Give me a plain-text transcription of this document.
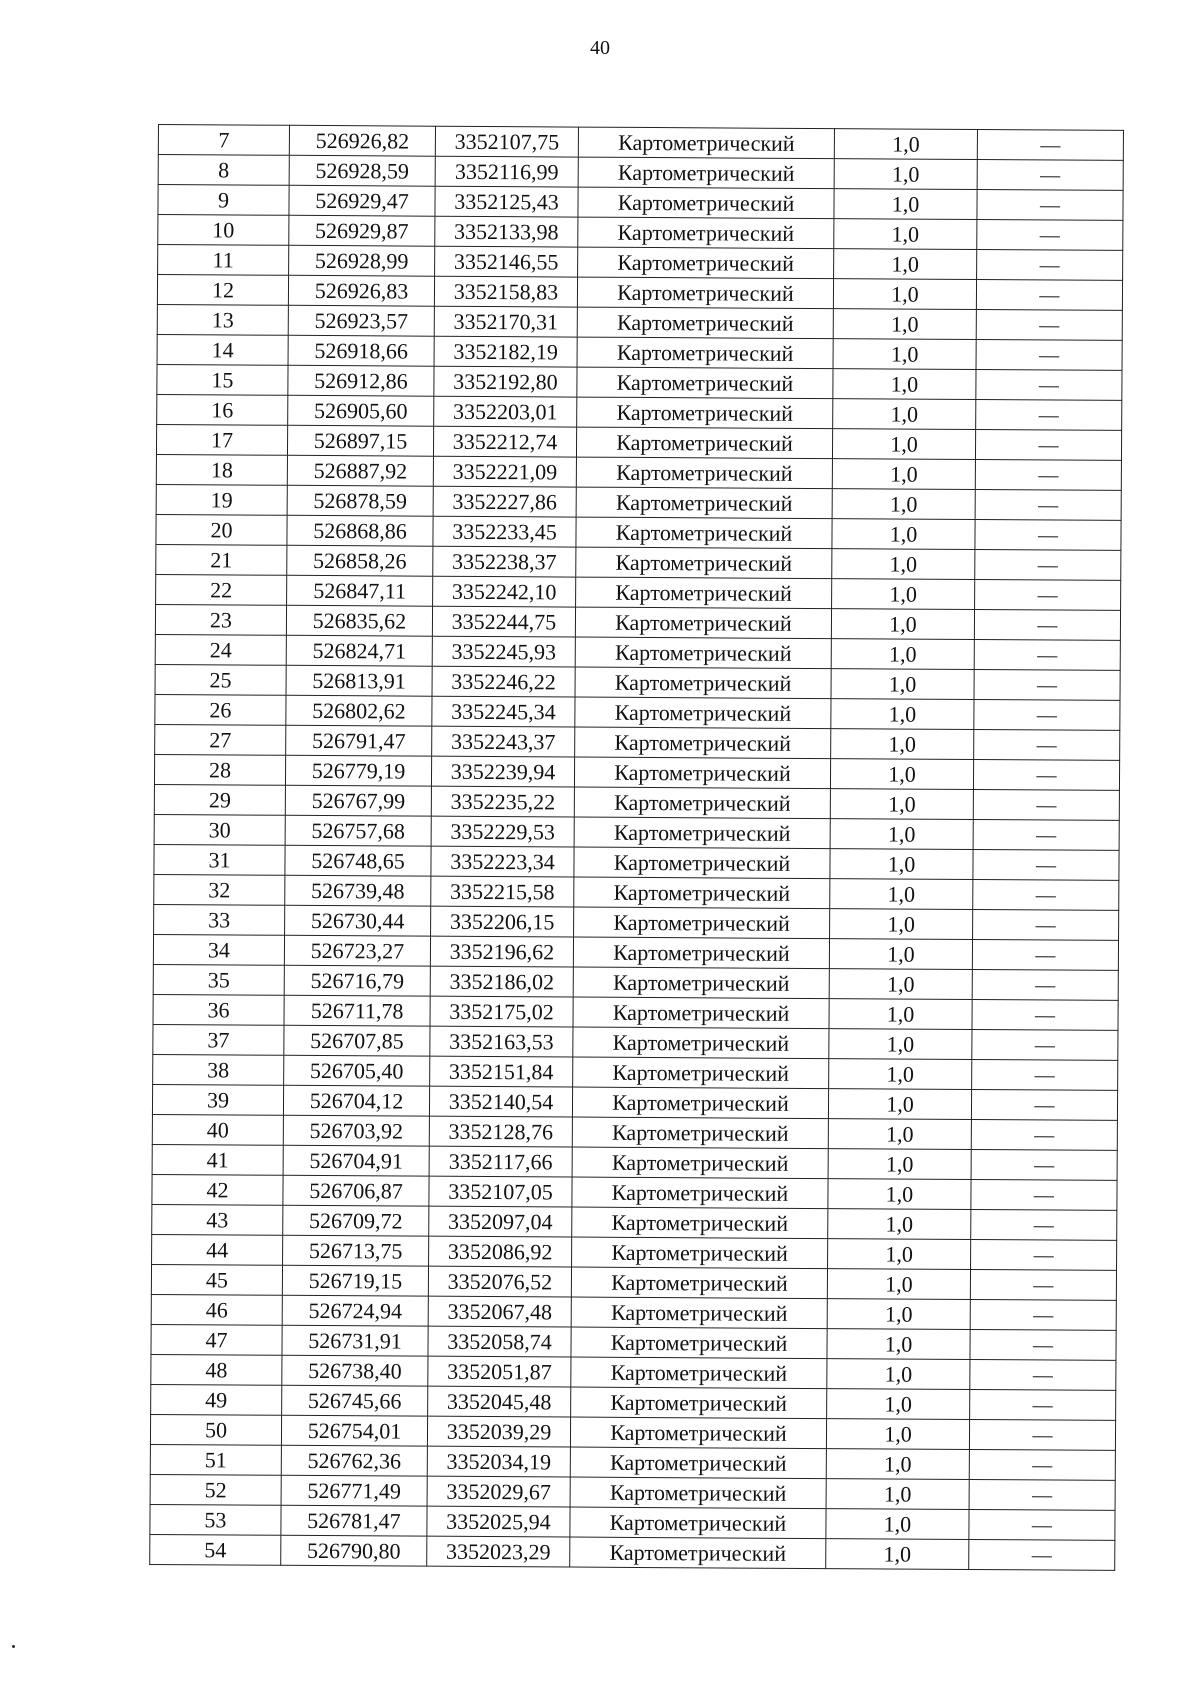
40
7	526926,82	3352107,75	Картометрический	1,0	—
8	526928,59	3352116,99	Картометрический	1,0	—
9	526929,47	3352125,43	Картометрический	1,0	—
10	526929,87	3352133,98	Картометрический	1,0	—
11	526928,99	3352146,55	Картометрический	1,0	—
12	526926,83	3352158,83	Картометрический	1,0	—
13	526923,57	3352170,31	Картометрический	1,0	—
14	526918,66	3352182,19	Картометрический	1,0	—
15	526912,86	3352192,80	Картометрический	1,0	—
16	526905,60	3352203,01	Картометрический	1,0	—
17	526897,15	3352212,74	Картометрический	1,0	—
18	526887,92	3352221,09	Картометрический	1,0	—
19	526878,59	3352227,86	Картометрический	1,0	—
20	526868,86	3352233,45	Картометрический	1,0	—
21	526858,26	3352238,37	Картометрический	1,0	—
22	526847,11	3352242,10	Картометрический	1,0	—
23	526835,62	3352244,75	Картометрический	1,0	—
24	526824,71	3352245,93	Картометрический	1,0	—
25	526813,91	3352246,22	Картометрический	1,0	—
26	526802,62	3352245,34	Картометрический	1,0	—
27	526791,47	3352243,37	Картометрический	1,0	—
28	526779,19	3352239,94	Картометрический	1,0	—
29	526767,99	3352235,22	Картометрический	1,0	—
30	526757,68	3352229,53	Картометрический	1,0	—
31	526748,65	3352223,34	Картометрический	1,0	—
32	526739,48	3352215,58	Картометрический	1,0	—
33	526730,44	3352206,15	Картометрический	1,0	—
34	526723,27	3352196,62	Картометрический	1,0	—
35	526716,79	3352186,02	Картометрический	1,0	—
36	526711,78	3352175,02	Картометрический	1,0	—
37	526707,85	3352163,53	Картометрический	1,0	—
38	526705,40	3352151,84	Картометрический	1,0	—
39	526704,12	3352140,54	Картометрический	1,0	—
40	526703,92	3352128,76	Картометрический	1,0	—
41	526704,91	3352117,66	Картометрический	1,0	—
42	526706,87	3352107,05	Картометрический	1,0	—
43	526709,72	3352097,04	Картометрический	1,0	—
44	526713,75	3352086,92	Картометрический	1,0	—
45	526719,15	3352076,52	Картометрический	1,0	—
46	526724,94	3352067,48	Картометрический	1,0	—
47	526731,91	3352058,74	Картометрический	1,0	—
48	526738,40	3352051,87	Картометрический	1,0	—
49	526745,66	3352045,48	Картометрический	1,0	—
50	526754,01	3352039,29	Картометрический	1,0	—
51	526762,36	3352034,19	Картометрический	1,0	—
52	526771,49	3352029,67	Картометрический	1,0	—
53	526781,47	3352025,94	Картометрический	1,0	—
54	526790,80	3352023,29	Картометрический	1,0	—
